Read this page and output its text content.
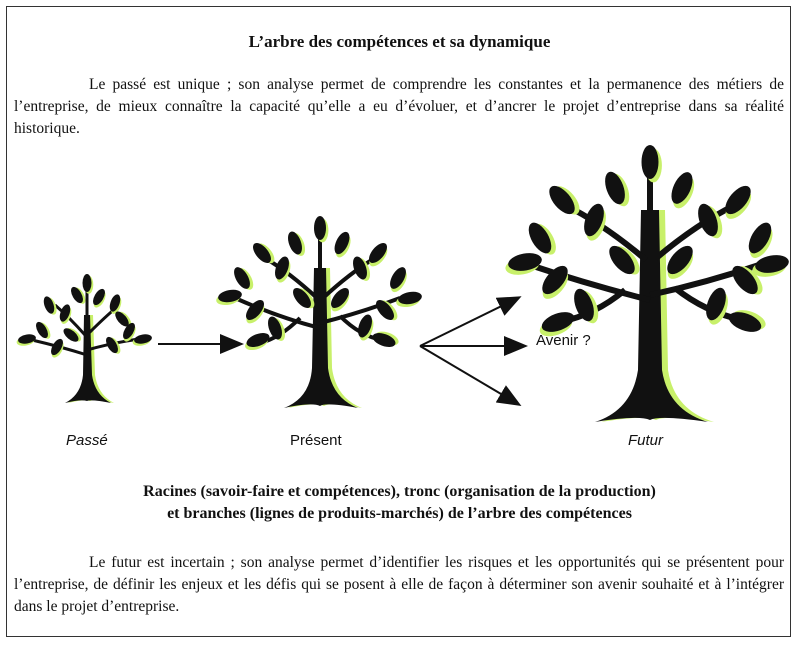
L’arbre des compétences et sa dynamique
Le passé est unique ; son analyse permet de comprendre les constantes et la permanence des métiers de l’entreprise, de mieux connaître la capacité qu’elle a eu d’évoluer, et d’ancrer le projet d’entreprise dans sa réalité historique.
Passé	Présent	Futur
Avenir ?
Racines (savoir-faire et compétences), tronc (organisation de la production)
et branches (lignes de produits-marchés) de l’arbre des compétences
Le futur est incertain ; son analyse permet d’identifier les risques et les opportunités qui se présentent pour l’entreprise, de définir les enjeux et les défis qui se posent à elle de façon à déterminer son avenir souhaité et à l’intégrer dans le projet d’entreprise.
